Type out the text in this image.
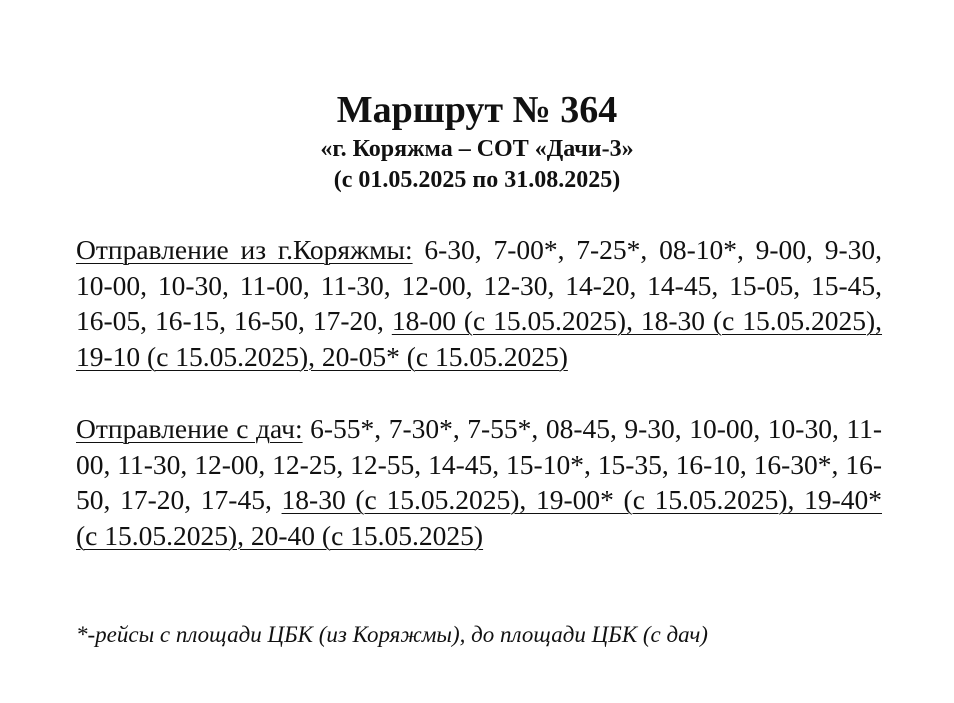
Маршрут № 364
«г. Коряжма – СОТ «Дачи-3»
(с 01.05.2025 по 31.08.2025)
Отправление из г.Коряжмы: 6-30, 7-00*, 7-25*, 08-10*, 9-00, 9-30, 10-00, 10-30, 11-00, 11-30, 12-00, 12-30, 14-20, 14-45, 15-05, 15-45, 16-05, 16-15, 16-50, 17-20, 18-00 (с 15.05.2025), 18-30 (с 15.05.2025), 19-10 (с 15.05.2025), 20-05* (с 15.05.2025)
Отправление с дач: 6-55*, 7-30*, 7-55*, 08-45, 9-30, 10-00, 10-30, 11-00, 11-30, 12-00, 12-25, 12-55, 14-45, 15-10*, 15-35, 16-10, 16-30*, 16-50, 17-20, 17-45, 18-30 (с 15.05.2025), 19-00* (с 15.05.2025), 19-40* (с 15.05.2025), 20-40 (с 15.05.2025)
*-рейсы с площади ЦБК (из Коряжмы), до площади ЦБК (с дач)
